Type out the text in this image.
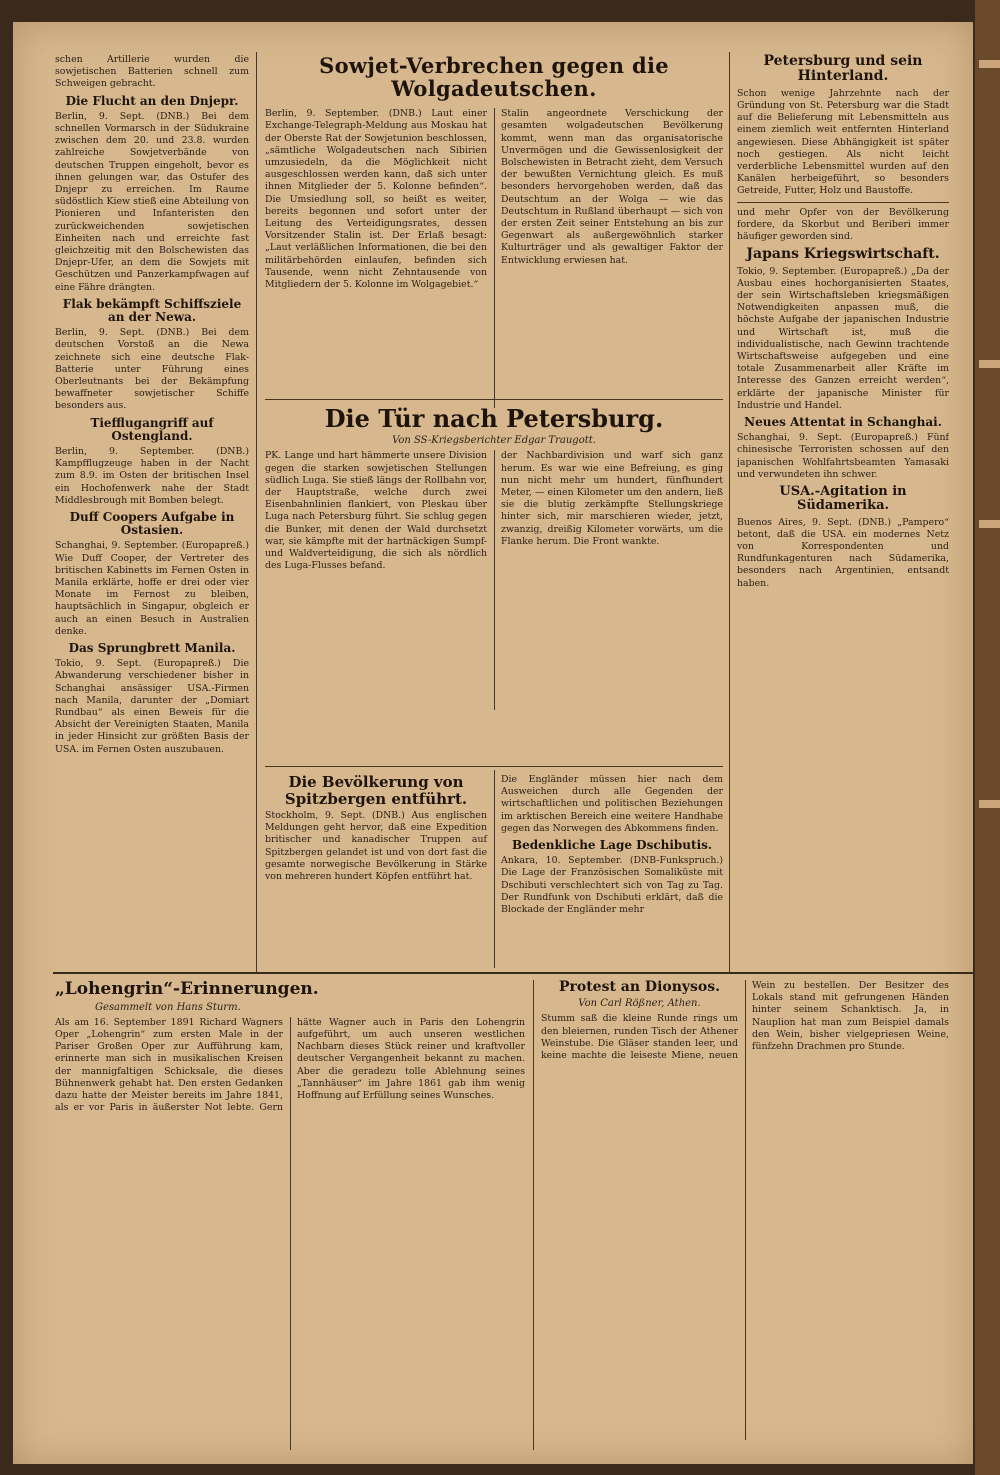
schen Artillerie wurden die sowjetischen Batterien schnell zum Schweigen gebracht.

Die Flucht an den Dnjepr.

Berlin, 9. Sept. (DNB.) Bei dem schnellen Vormarsch in der Südukraine zwischen dem 20. und 23.8. wurden zahlreiche Sowjetverbände von deutschen Truppen eingeholt, bevor es ihnen gelungen war, das Ostufer des Dnjepr zu erreichen. Im Raume südöstlich Kiew stieß eine Abteilung von Pionieren und Infanteristen den zurückweichenden sowjetischen Einheiten nach und erreichte fast gleichzeitig mit den Bolschewisten das Dnjepr-Ufer, an dem die Sowjets mit Geschützen und Panzerkampfwagen auf eine Fähre drängten.

Flak bekämpft Schiffsziele an der Newa.

Berlin, 9. Sept. (DNB.) Bei dem deutschen Vorstoß an die Newa zeichnete sich eine deutsche Flak-Batterie unter Führung eines Oberleutnants bei der Bekämpfung bewaffneter sowjetischer Schiffe besonders aus.

Tiefflugangriff auf Ostengland.

Berlin, 9. September. (DNB.) Kampfflugzeuge haben in der Nacht zum 8.9. im Osten der britischen Insel ein Hochofenwerk nahe der Stadt Middlesbrough mit Bomben belegt.

Duff Coopers Aufgabe in Ostasien.

Schanghai, 9. September. (Europapreß.) Wie Duff Cooper, der Vertreter des britischen Kabinetts im Fernen Osten in Manila erklärte, hoffe er drei oder vier Monate im Fernost zu bleiben, hauptsächlich in Singapur, obgleich er auch an einen Besuch in Australien denke.

Das Sprungbrett Manila.

Tokio, 9. Sept. (Europapreß.) Die Abwanderung verschiedener bisher in Schanghai ansässiger USA.-Firmen nach Manila, darunter der „Domiart Rundbau“ als einen Beweis für die Absicht der Vereinigten Staaten, Manila in jeder Hinsicht zur größten Basis der USA. im Fernen Osten auszubauen.

Sowjet-Verbrechen gegen die Wolgadeutschen.

Berlin, 9. September. (DNB.) Laut einer Exchange-Telegraph-Meldung aus Moskau hat der Oberste Rat der Sowjetunion beschlossen, „sämtliche Wolgadeutschen nach Sibirien umzusiedeln, da die Möglichkeit nicht ausgeschlossen werden kann, daß sich unter ihnen Mitglieder der 5. Kolonne befinden“. Die Umsiedlung soll, so heißt es weiter, bereits begonnen und sofort unter der Leitung des Verteidigungsrates, dessen Vorsitzender Stalin ist. Der Erlaß besagt: „Laut verläßlichen Informationen, die bei den militärbehörden einlaufen, befinden sich Tausende, wenn nicht Zehntausende von Mitgliedern der 5. Kolonne im Wolgagebiet.“

Stalin angeordnete Verschickung der gesamten wolgadeutschen Bevölkerung kommt, wenn man das organisatorische Unvermögen und die Gewissenlosigkeit der Bolschewisten in Betracht zieht, dem Versuch der bewußten Vernichtung gleich. Es muß besonders hervorgehoben werden, daß das Deutschtum an der Wolga — wie das Deutschtum in Rußland überhaupt — sich von der ersten Zeit seiner Entstehung an bis zur Gegenwart als außergewöhnlich starker Kulturträger und als gewaltiger Faktor der Entwicklung erwiesen hat.

Die Tür nach Petersburg.
Von SS-Kriegsberichter Edgar Traugott.

PK. Lange und hart hämmerte unsere Division gegen die starken sowjetischen Stellungen südlich Luga. Sie stieß längs der Rollbahn vor, der Hauptstraße, welche durch zwei Eisenbahnlinien flankiert, von Pleskau über Luga nach Petersburg führt. Sie schlug gegen die Bunker, mit denen der Wald durchsetzt war, sie kämpfte mit der hartnäckigen Sumpf- und Waldverteidigung, die sich als nördlich des Luga-Flusses befand.

der Nachbardivision und warf sich ganz herum. Es war wie eine Befreiung, es ging nun nicht mehr um hundert, fünfhundert Meter, — einen Kilometer um den andern, ließ sie die blutig zerkämpfte Stellungskriege hinter sich, mir marschieren wieder, jetzt, zwanzig, dreißig Kilometer vorwärts, um die Flanke herum. Die Front wankte.

Die Bevölkerung von Spitzbergen entführt.

Stockholm, 9. Sept. (DNB.) Aus englischen Meldungen geht hervor, daß eine Expedition britischer und kanadischer Truppen auf Spitzbergen gelandet ist und von dort fast die gesamte norwegische Bevölkerung in Stärke von mehreren hundert Köpfen entführt hat.

Die Engländer müssen hier nach dem Ausweichen durch alle Gegenden der wirtschaftlichen und politischen Beziehungen im arktischen Bereich eine weitere Handhabe gegen das Norwegen des Abkommens finden.

Bedenkliche Lage Dschibutis.

Ankara, 10. September. (DNB-Funkspruch.) Die Lage der Französischen Somaliküste mit Dschibuti verschlechtert sich von Tag zu Tag. Der Rundfunk von Dschibuti erklärt, daß die Blockade der Engländer mehr

Petersburg und sein Hinterland.

Schon wenige Jahrzehnte nach der Gründung von St. Petersburg war die Stadt auf die Belieferung mit Lebensmitteln aus einem ziemlich weit entfernten Hinterland angewiesen. Diese Abhängigkeit ist später noch gestiegen. Als nicht leicht verderbliche Lebensmittel wurden auf den Kanälen herbeigeführt, so besonders Getreide, Futter, Holz und Baustoffe.

und mehr Opfer von der Bevölkerung fordere, da Skorbut und Beriberi immer häufiger geworden sind.

Japans Kriegswirtschaft.

Tokio, 9. September. (Europapreß.) „Da der Ausbau eines hochorganisierten Staates, der sein Wirtschaftsleben kriegsmäßigen Notwendigkeiten anpassen muß, die höchste Aufgabe der japanischen Industrie und Wirtschaft ist, muß die individualistische, nach Gewinn trachtende Wirtschaftsweise aufgegeben und eine totale Zusammenarbeit aller Kräfte im Interesse des Ganzen erreicht werden“, erklärte der japanische Minister für Industrie und Handel.

Neues Attentat in Schanghai.

Schanghai, 9. Sept. (Europapreß.) Fünf chinesische Terroristen schossen auf den japanischen Wohlfahrtsbeamten Yamasaki und verwundeten ihn schwer.

USA.-Agitation in Südamerika.

Buenos Aires, 9. Sept. (DNB.) „Pampero“ betont, daß die USA. ein modernes Netz von Korrespondenten und Rundfunkagenturen nach Südamerika, besonders nach Argentinien, entsandt haben.

„Lohengrin“-Erinnerungen.
Gesammelt von Hans Sturm.

Als am 16. September 1891 Richard Wagners Oper „Lohengrin“ zum ersten Male in der Pariser Großen Oper zur Aufführung kam, erinnerte man sich in musikalischen Kreisen der mannigfaltigen Schicksale, die dieses Bühnenwerk gehabt hat. Den ersten Gedanken dazu hatte der Meister bereits im Jahre 1841, als er vor Paris in äußerster Not lebte. Gern hätte Wagner auch in Paris den Lohengrin aufgeführt, um auch unseren westlichen Nachbarn dieses Stück reiner und kraftvoller deutscher Vergangenheit bekannt zu machen. Aber die geradezu tolle Ablehnung seines „Tannhäuser“ im Jahre 1861 gab ihm wenig Hoffnung auf Erfüllung seines Wunsches.

Protest an Dionysos.
Von Carl Rößner, Athen.

Stumm saß die kleine Runde rings um den bleiernen, runden Tisch der Athener Weinstube. Die Gläser standen leer, und keine machte die leiseste Miene, neuen Wein zu bestellen. Der Besitzer des Lokals stand mit gefrungenen Händen hinter seinem Schanktisch. Ja, in Nauplion hat man zum Beispiel damals den Wein, bisher vielgepriesen Weine, fünfzehn Drachmen pro Stunde.
